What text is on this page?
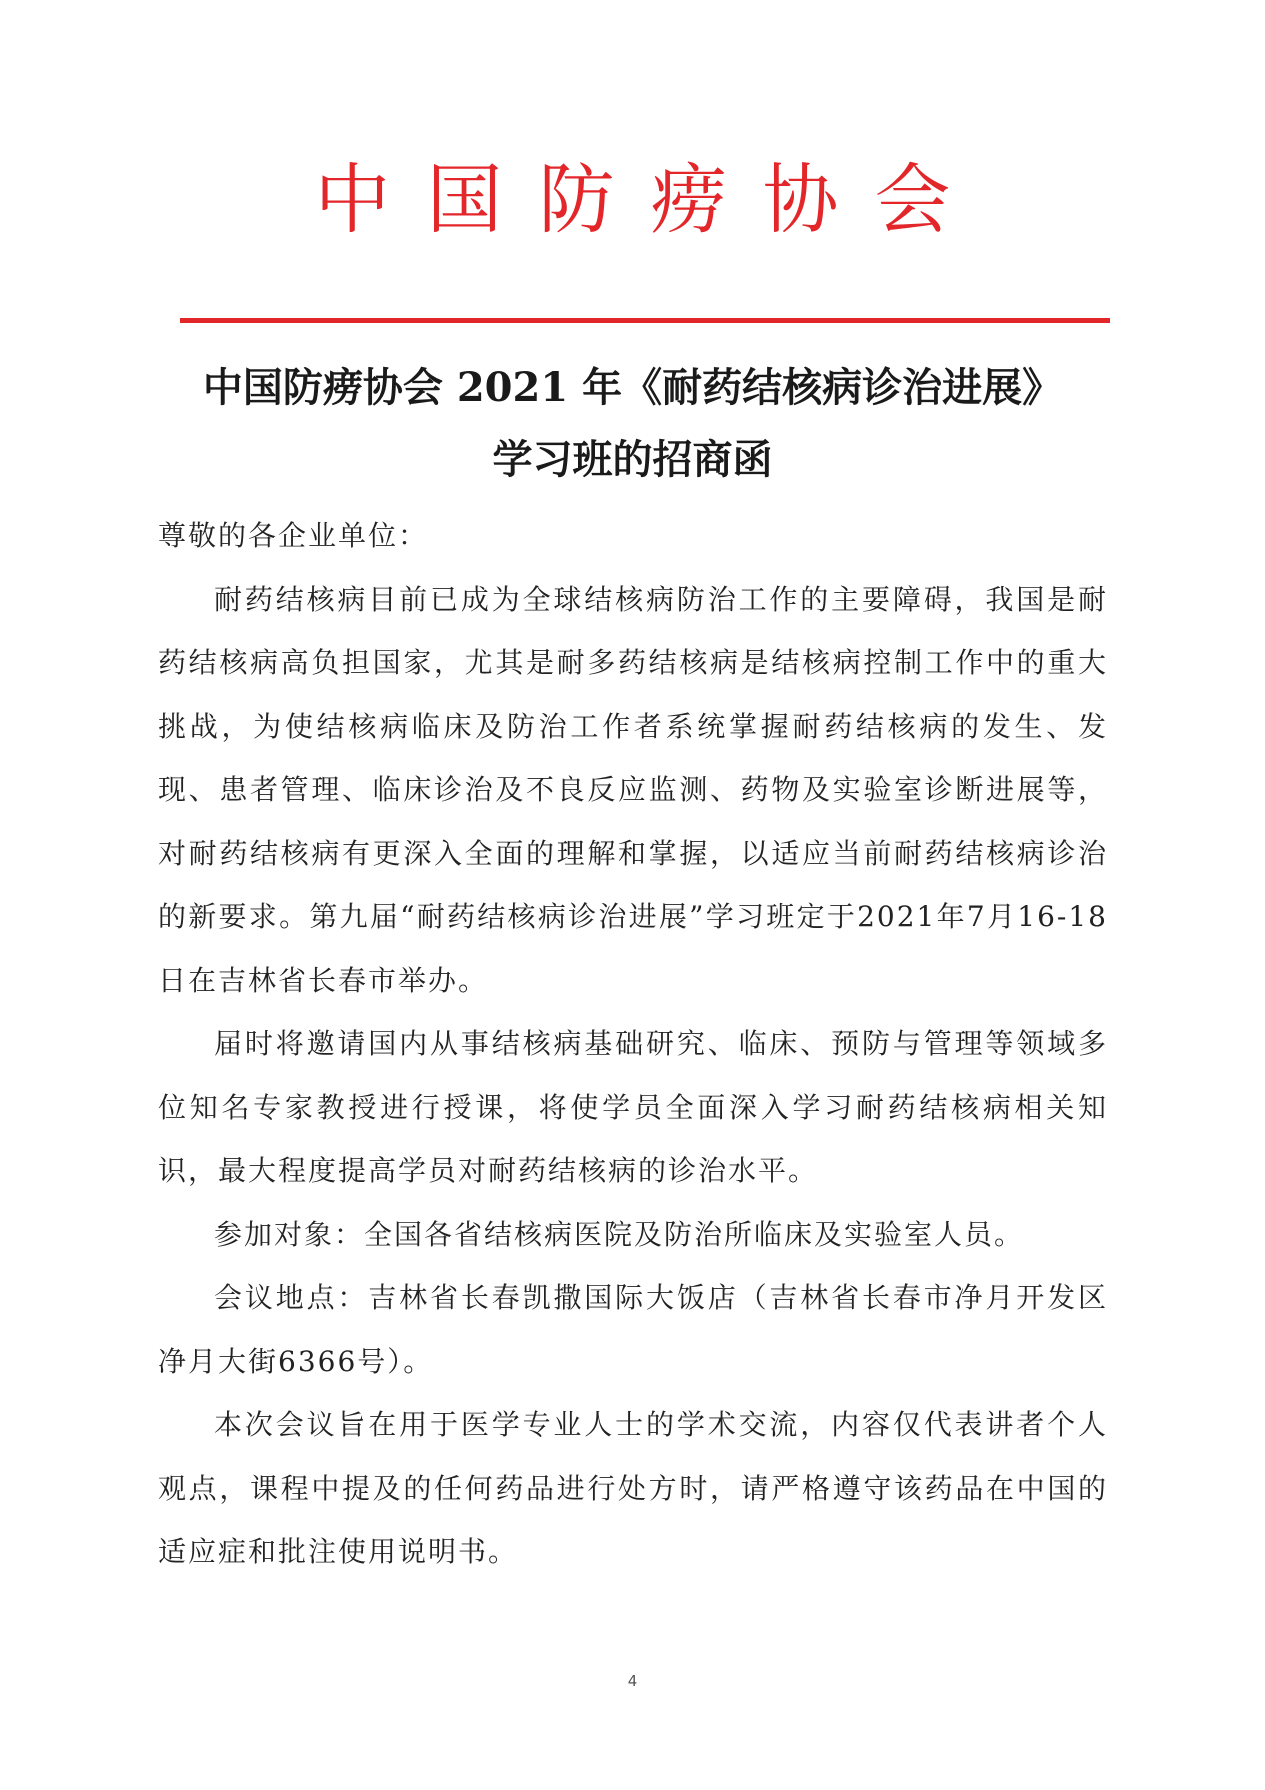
中国防痨协会
中国防痨协会 2021 年《耐药结核病诊治进展》
学习班的招商函

尊敬的各企业单位：

耐药结核病目前已成为全球结核病防治工作的主要障碍，我国是耐药结核病高负担国家，尤其是耐多药结核病是结核病控制工作中的重大挑战，为使结核病临床及防治工作者系统掌握耐药结核病的发生、发现、患者管理、临床诊治及不良反应监测、药物及实验室诊断进展等，对耐药结核病有更深入全面的理解和掌握，以适应当前耐药结核病诊治的新要求。第九届“耐药结核病诊治进展”学习班定于2021年7月16-18 日在吉林省长春市举办。

届时将邀请国内从事结核病基础研究、临床、预防与管理等领域多位知名专家教授进行授课，将使学员全面深入学习耐药结核病相关知识，最大程度提高学员对耐药结核病的诊治水平。

参加对象：全国各省结核病医院及防治所临床及实验室人员。

会议地点：吉林省长春凯撒国际大饭店（吉林省长春市净月开发区净月大街6366号）。

本次会议旨在用于医学专业人士的学术交流，内容仅代表讲者个人观点，课程中提及的任何药品进行处方时，请严格遵守该药品在中国的适应症和批注使用说明书。

4
